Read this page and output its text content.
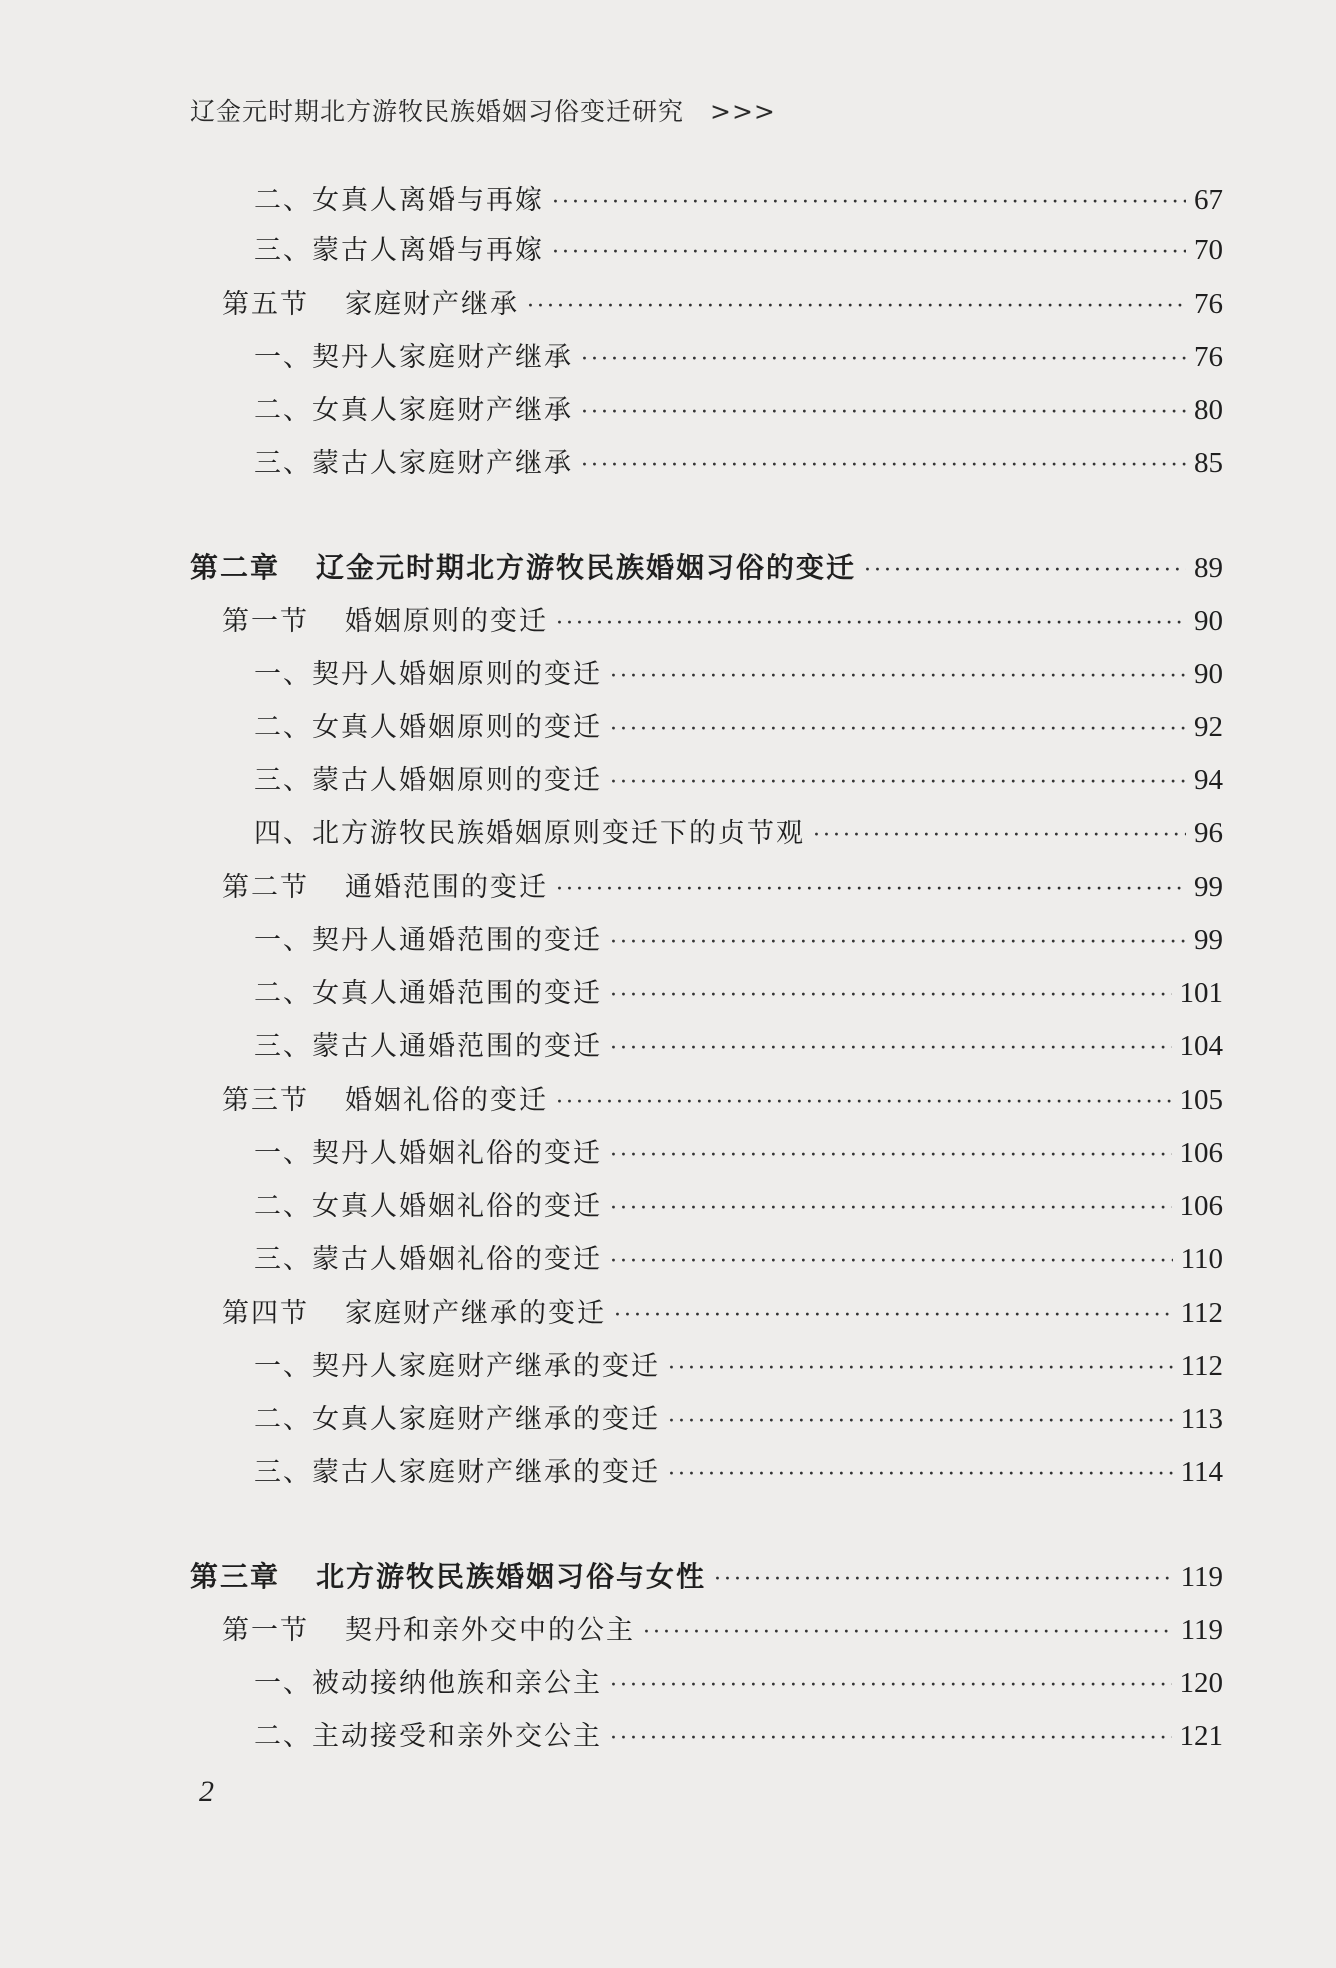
辽金元时期北方游牧民族婚姻习俗变迁研究　>>>
二、女真人离婚与再嫁 ·····	67
三、蒙古人离婚与再嫁 ·····	70
第五节 家庭财产继承 ·····	76
一、契丹人家庭财产继承 ·····	76
二、女真人家庭财产继承 ·····	80
三、蒙古人家庭财产继承 ·····	85
第二章 辽金元时期北方游牧民族婚姻习俗的变迁 ·····	89
第一节 婚姻原则的变迁 ·····	90
一、契丹人婚姻原则的变迁 ·····	90
二、女真人婚姻原则的变迁 ·····	92
三、蒙古人婚姻原则的变迁 ·····	94
四、北方游牧民族婚姻原则变迁下的贞节观 ·····	96
第二节 通婚范围的变迁 ·····	99
一、契丹人通婚范围的变迁 ·····	99
二、女真人通婚范围的变迁 ·····	101
三、蒙古人通婚范围的变迁 ·····	104
第三节 婚姻礼俗的变迁 ·····	105
一、契丹人婚姻礼俗的变迁 ·····	106
二、女真人婚姻礼俗的变迁 ·····	106
三、蒙古人婚姻礼俗的变迁 ·····	110
第四节 家庭财产继承的变迁 ·····	112
一、契丹人家庭财产继承的变迁 ·····	112
二、女真人家庭财产继承的变迁 ·····	113
三、蒙古人家庭财产继承的变迁 ·····	114
第三章 北方游牧民族婚姻习俗与女性 ·····	119
第一节 契丹和亲外交中的公主 ·····	119
一、被动接纳他族和亲公主 ·····	120
二、主动接受和亲外交公主 ·····	121
2
